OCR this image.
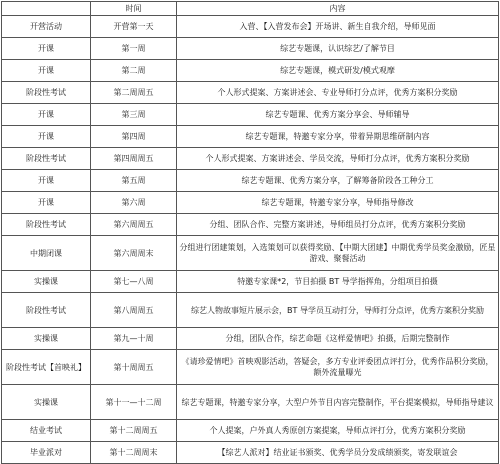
	时间	内容
开营活动	开营第一天	入营、【入营发布会】开场讲、新生自我介绍，导师见面
开课	第一周	综艺专题课，认识综艺/了解节目
开课	第二周	综艺专题课，模式研发/模式观摩
阶段性考试	第二周周五	个人形式提案、方案讲述会、专业导师打分点评，优秀方案积分奖励
开课	第三周	综艺专题课、优秀方案分享会、导师辅导
开课	第四周	综艺专题课，特邀专家分享，带着异期思维研制内容
阶段性考试	第四周周五	个人形式提案、方案讲述会、学员交流，导师打分点评，优秀方案积分奖励
开课	第五周	综艺专题课、优秀方案分享，了解筹备阶段各工种分工
开课	第六周	综艺专题课，特邀专家分享，导师指导修改
阶段性考试	第六周周五	分组、团队合作、完整方案讲述，导师组员打分点评，优秀方案积分奖励
中期闭课	第六周周末	分组进行团建策划，入选策划可以获得奖励、【中期大团建】中期优秀学员奖金激励，匠星游戏、聚餐活动
实操课	第七—八周	特邀专家课*2，节目拍摄 BT 导学指挥角，分组项目拍摄
阶段性考试	第八周周五	综艺人物故事短片展示会，BT 导学员互动打分，导师打分点评，优秀方案积分奖励
实操课	第九—十周	分组，团队合作，综艺命题《这样爱情吧》拍摄，后期完整制作
阶段性考试【首映礼】	第十周周五	《请珍爱情吧》首映观影活动，答疑会，多方专业评委团点评打分，优秀作品积分奖励，额外流量曝光
实操课	第十一—十二周	综艺专题课，特邀专家分享，大型户外节目内容完整制作，平台提案模拟，导师指导建议
结业考试	第十二周周五	个人提案，户外真人秀原创方案提案，导师点评打分，优秀方案积分奖励
毕业派对	第十二周周末	【综艺人派对】结业证书颁奖、优秀学员分发成绩颁奖，寄发联谊会
